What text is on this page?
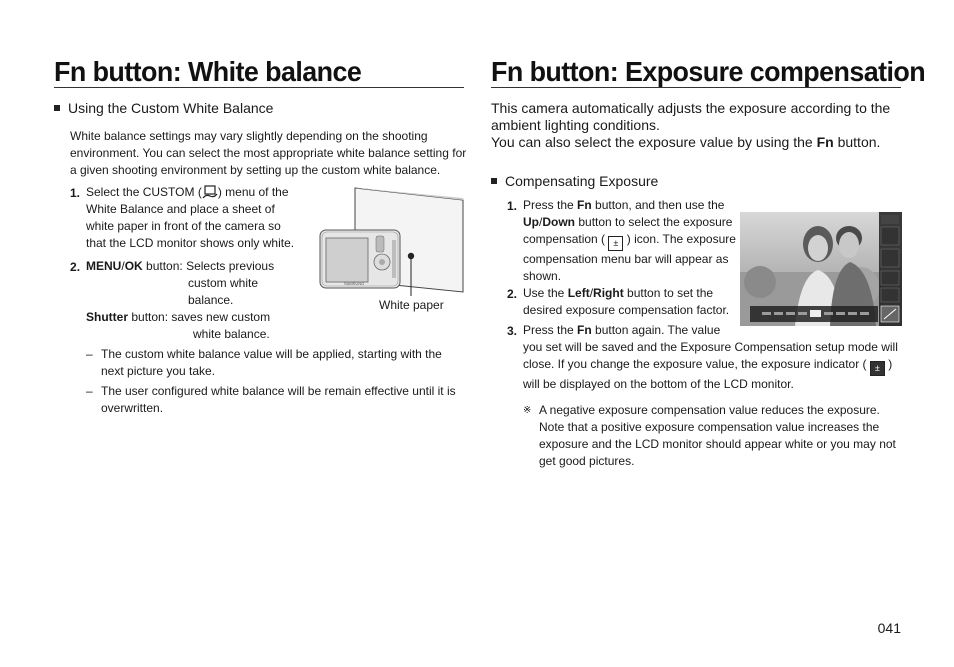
Fn button: White balance
Using the Custom White Balance
White balance settings may vary slightly depending on the shooting environment. You can select the most appropriate white balance setting for a given shooting environment by setting up the custom white balance.
1. Select the CUSTOM ( ) menu of the
White Balance and place a sheet of
white paper in front of the camera so
that the LCD monitor shows only white.
2. MENU/OK button: Selects previous
custom white
balance.
Shutter button: saves new custom
white balance.
SAMSUNG
White paper
– The custom white balance value will be applied, starting with the
next picture you take.
– The user configured white balance will be remain effective until it is
overwritten.
Fn button: Exposure compensation
This camera automatically adjusts the exposure according to the
ambient lighting conditions.
You can also select the exposure value by using the Fn button.
Compensating Exposure
1. Press the Fn button, and then use the
Up/Down button to select the exposure
compensation ( ± ) icon. The exposure
compensation menu bar will appear as
shown.
2. Use the Left/Right button to set the
desired exposure compensation factor.
3. Press the Fn button again. The value
you set will be saved and the Exposure Compensation setup mode will
close. If you change the exposure value, the exposure indicator ( ± )
will be displayed on the bottom of the LCD monitor.
※ A negative exposure compensation value reduces the exposure.
Note that a positive exposure compensation value increases the
exposure and the LCD monitor should appear white or you may not
get good pictures.
041
